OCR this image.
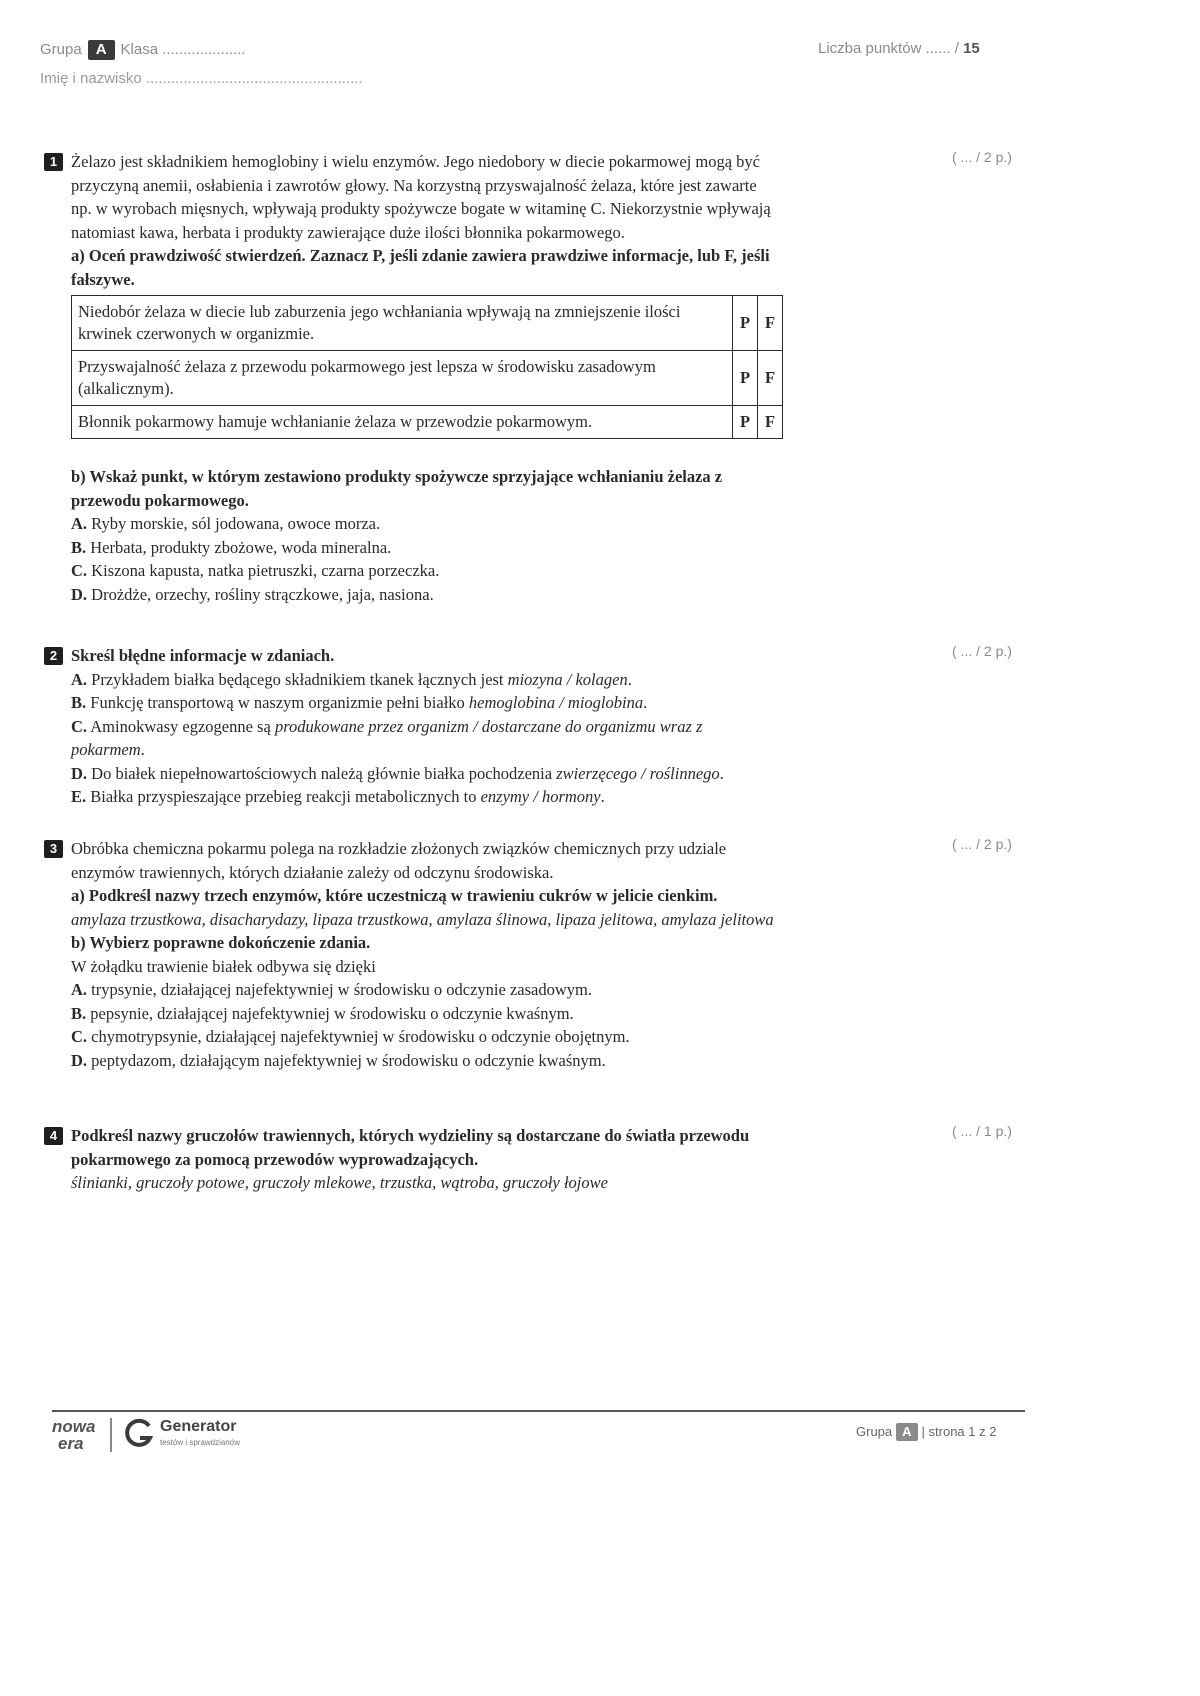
Grupa A Klasa ....................
Imię i nazwisko ....................................................
Liczba punktów ...... / 15
( ... / 2 p.)

1 Żelazo jest składnikiem hemoglobiny i wielu enzymów. Jego niedobory w diecie pokarmowej mogą być przyczyną anemii, osłabienia i zawrotów głowy. Na korzystną przyswajalność żelaza, które jest zawarte np. w wyrobach mięsnych, wpływają produkty spożywcze bogate w witaminę C. Niekorzystnie wpływają natomiast kawa, herbata i produkty zawierające duże ilości błonnika pokarmowego.

a) Oceń prawdziwość stwierdzeń. Zaznacz P, jeśli zdanie zawiera prawdziwe informacje, lub F, jeśli fałszywe.

Niedobór żelaza w diecie lub zaburzenia jego wchłaniania wpływają na zmniejszenie ilości krwinek czerwonych w organizmie.	P	F
Przyswajalność żelaza z przewodu pokarmowego jest lepsza w środowisku zasadowym (alkalicznym).	P	F
Błonnik pokarmowy hamuje wchłanianie żelaza w przewodzie pokarmowym.	P	F

b) Wskaż punkt, w którym zestawiono produkty spożywcze sprzyjające wchłanianiu żelaza z przewodu pokarmowego.

A. Ryby morskie, sól jodowana, owoce morza.

B. Herbata, produkty zbożowe, woda mineralna.

C. Kiszona kapusta, natka pietruszki, czarna porzeczka.

D. Drożdże, orzechy, rośliny strączkowe, jaja, nasiona.

( ... / 2 p.)

2 Skreśl błędne informacje w zdaniach.

A. Przykładem białka będącego składnikiem tkanek łącznych jest miozyna / kolagen.

B. Funkcję transportową w naszym organizmie pełni białko hemoglobina / mioglobina.

C. Aminokwasy egzogenne są produkowane przez organizm / dostarczane do organizmu wraz z pokarmem.

D. Do białek niepełnowartościowych należą głównie białka pochodzenia zwierzęcego / roślinnego.

E. Białka przyspieszające przebieg reakcji metabolicznych to enzymy / hormony.

( ... / 2 p.)

3 Obróbka chemiczna pokarmu polega na rozkładzie złożonych związków chemicznych przy udziale enzymów trawiennych, których działanie zależy od odczynu środowiska.

a) Podkreśl nazwy trzech enzymów, które uczestniczą w trawieniu cukrów w jelicie cienkim.

amylaza trzustkowa, disacharydazy, lipaza trzustkowa, amylaza ślinowa, lipaza jelitowa, amylaza jelitowa

b) Wybierz poprawne dokończenie zdania.

W żołądku trawienie białek odbywa się dzięki

A. trypsynie, działającej najefektywniej w środowisku o odczynie zasadowym.

B. pepsynie, działającej najefektywniej w środowisku o odczynie kwaśnym.

C. chymotrypsynie, działającej najefektywniej w środowisku o odczynie obojętnym.

D. peptydazom, działającym najefektywniej w środowisku o odczynie kwaśnym.

( ... / 1 p.)

4 Podkreśl nazwy gruczołów trawiennych, których wydzieliny są dostarczane do światła przewodu pokarmowego za pomocą przewodów wyprowadzających.

ślinianki, gruczoły potowe, gruczoły mlekowe, trzustka, wątroba, gruczoły łojowe

nowa
era
Generator
testów i sprawdzianów
Grupa A | strona 1 z 2
